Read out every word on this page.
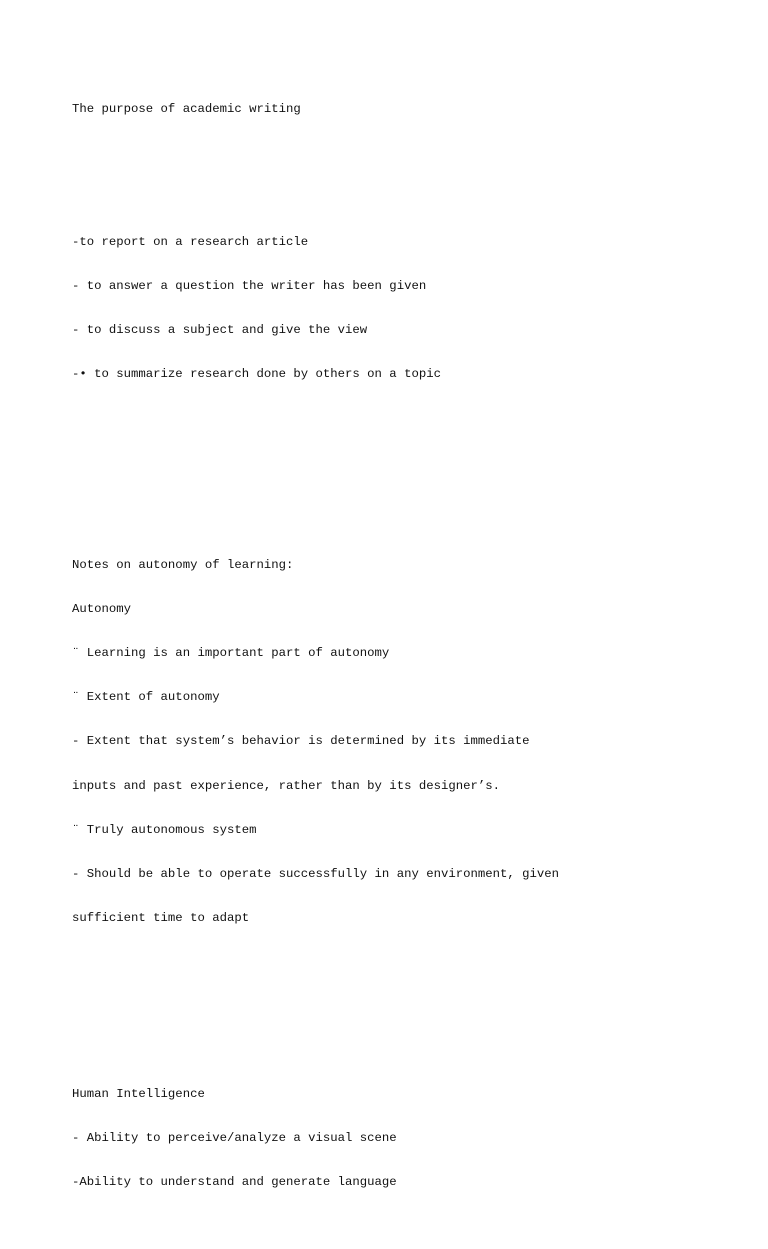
The purpose of academic writing

-to report on a research article

- to answer a question the writer has been given

- to discuss a subject and give the view

-• to summarize research done by others on a topic

Notes on autonomy of learning:

Autonomy

¨ Learning is an important part of autonomy

¨ Extent of autonomy

- Extent that system’s behavior is determined by its immediate

inputs and past experience, rather than by its designer’s.

¨ Truly autonomous system

- Should be able to operate successfully in any environment, given

sufficient time to adapt

Human Intelligence

- Ability to perceive/analyze a visual scene

-Ability to understand and generate language
